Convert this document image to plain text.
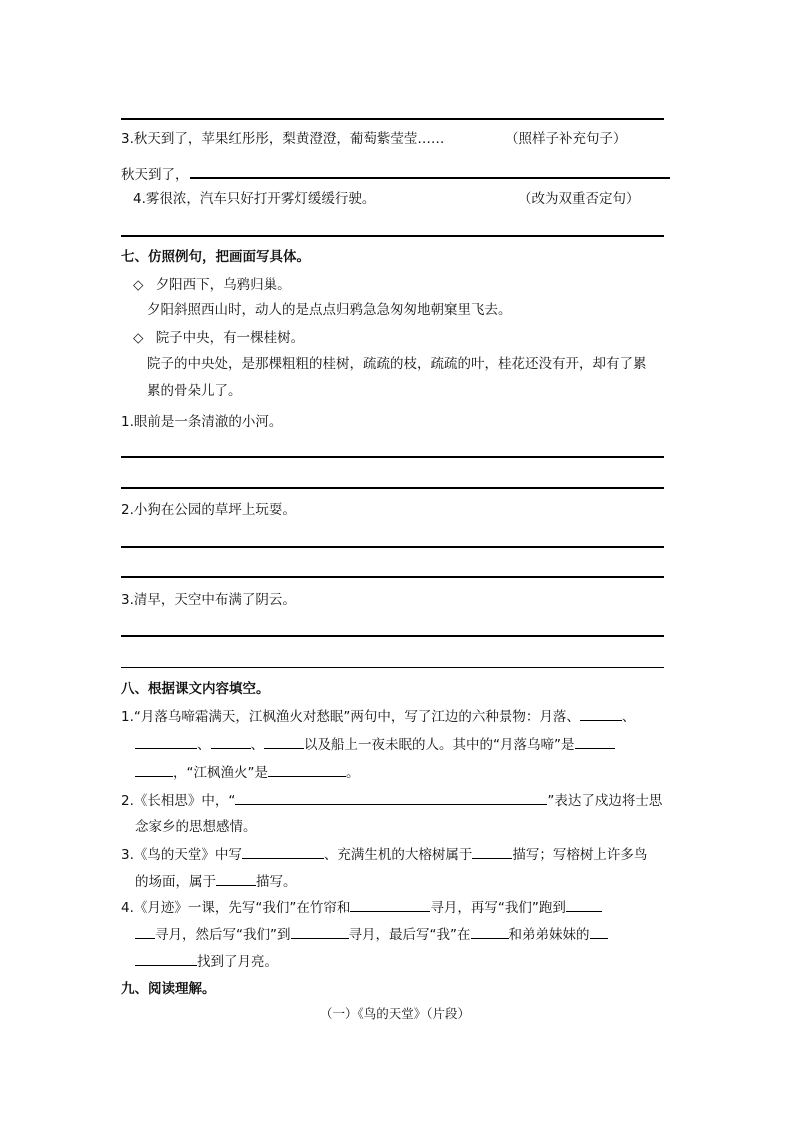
3.秋天到了，苹果红彤彤，梨黄澄澄，葡萄紫莹莹……	（照样子补充句子）
秋天到了，
4.雾很浓，汽车只好打开雾灯缓缓行驶。	（改为双重否定句）
七、仿照例句，把画面写具体。
◇ 夕阳西下，乌鸦归巢。
夕阳斜照西山时，动人的是点点归鸦急急匆匆地朝窠里飞去。
◇ 院子中央，有一棵桂树。
院子的中央处，是那棵粗粗的桂树，疏疏的枝，疏疏的叶，桂花还没有开，却有了累
累的骨朵儿了。
1.眼前是一条清澈的小河。
2.小狗在公园的草坪上玩耍。
3.清早，天空中布满了阴云。
八、根据课文内容填空。
1.“月落乌啼霜满天，江枫渔火对愁眠”两句中，写了江边的六种景物：月落、	、
、	、	以及船上一夜未眠的人。其中的“月落乌啼”是
，“江枫渔火”是	。
2.《长相思》中，“	”表达了戍边将士思
念家乡的思想感情。
3.《鸟的天堂》中写	、充满生机的大榕树属于	描写；写榕树上许多鸟
的场面，属于	描写。
4.《月迹》一课，先写“我们”在竹帘和	寻月，再写“我们”跑到
寻月，然后写“我们”到	寻月，最后写“我”在	和弟弟妹妹的
找到了月亮。
九、阅读理解。
（一）《鸟的天堂》（片段）
